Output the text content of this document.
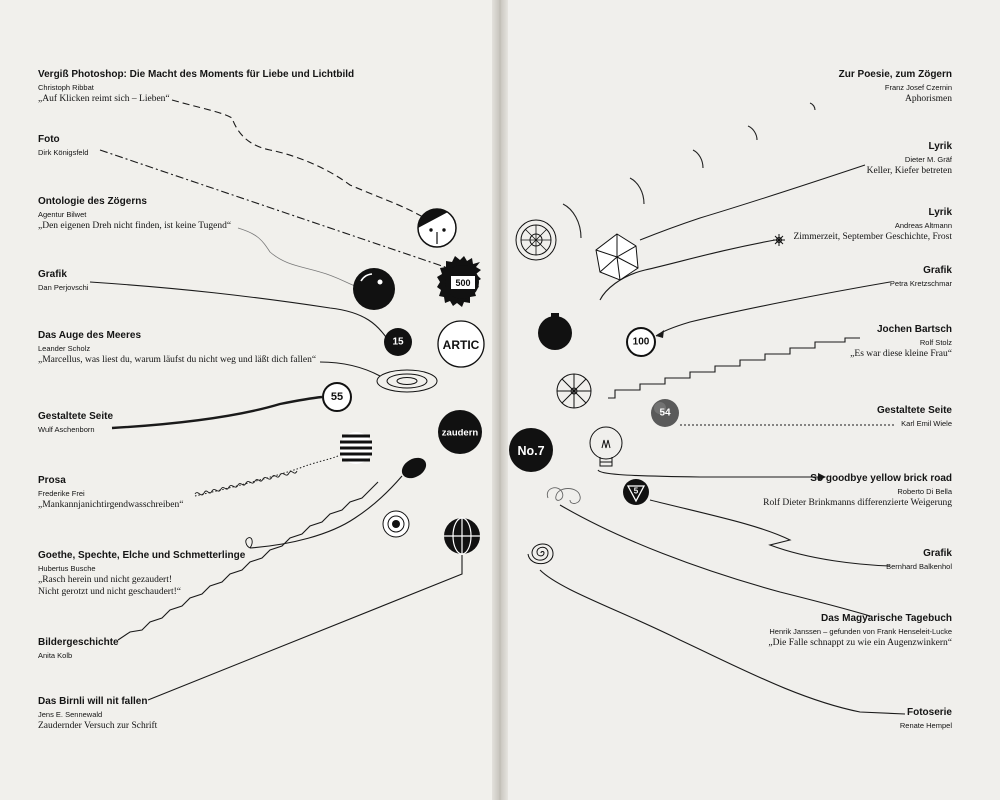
500
15	ARTIC
55
zaudern
100
54
No.7
5
Vergiß Photoshop: Die Macht des Moments für Liebe und Lichtbild
Christoph Ribbat
„Auf Klicken reimt sich – Lieben“
Foto
Dirk Königsfeld
Ontologie des Zögerns
Agentur Bilwet
„Den eigenen Dreh nicht finden, ist keine Tugend“
Grafik
Dan Perjovschi
Das Auge des Meeres
Leander Scholz
„Marcellus, was liest du, warum läufst du nicht weg und läßt dich fallen“
Gestaltete Seite
Wulf Aschenborn
Prosa
Frederike Frei
„Mankannjanichtirgendwasschreiben“
Goethe, Spechte, Elche und Schmetterlinge
Hubertus Busche
„Rasch herein und nicht gezaudert!
Nicht gerotzt und nicht geschaudert!“
Bildergeschichte
Anita Kolb
Das Birnli will nit fallen
Jens E. Sennewald
Zaudernder Versuch zur Schrift
Zur Poesie, zum Zögern
Franz Josef Czernin
Aphorismen
Lyrik
Dieter M. Gräf
Keller, Kiefer betreten
Lyrik
Andreas Altmann
Zimmerzeit, September Geschichte, Frost
Grafik
Petra Kretzschmar
Jochen Bartsch
Rolf Stolz
„Es war diese kleine Frau“
Gestaltete Seite
Karl Emil Wiele
So goodbye yellow brick road
Roberto Di Bella
Rolf Dieter Brinkmanns differenzierte Weigerung
Grafik
Bernhard Balkenhol
Das Magyarische Tagebuch
Henrik Janssen – gefunden von Frank Henseleit-Lucke
„Die Falle schnappt zu wie ein Augenzwinkern“
Fotoserie
Renate Hempel
